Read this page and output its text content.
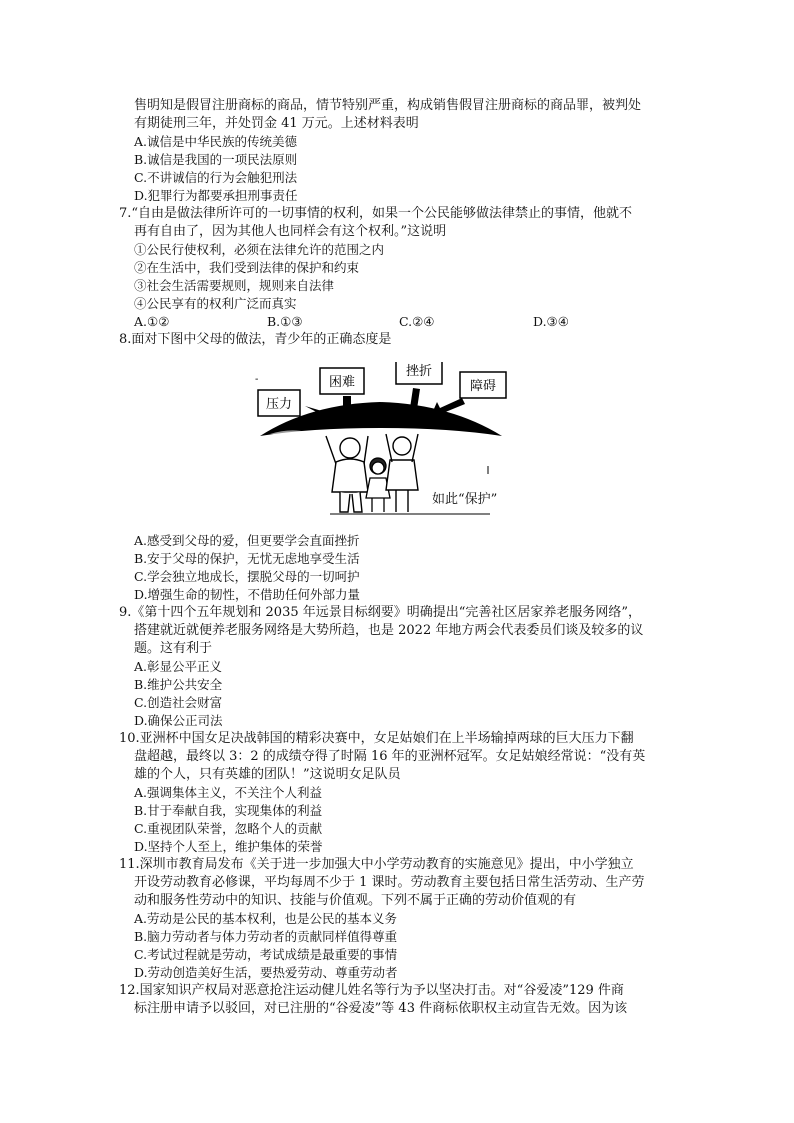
售明知是假冒注册商标的商品，情节特别严重，构成销售假冒注册商标的商品罪，被判处
有期徒刑三年，并处罚金 41 万元。上述材料表明
A.诚信是中华民族的传统美德
B.诚信是我国的一项民法原则
C.不讲诚信的行为会触犯刑法
D.犯罪行为都要承担刑事责任
7.“自由是做法律所许可的一切事情的权利，如果一个公民能够做法律禁止的事情，他就不
再有自由了，因为其他人也同样会有这个权利。”这说明
①公民行使权利，必须在法律允许的范围之内
②在生活中，我们受到法律的保护和约束
③社会生活需要规则，规则来自法律
④公民享有的权利广泛而真实
A.①②	B.①③	C.②④	D.③④
8.面对下图中父母的做法，青少年的正确态度是
压力
困难
挫折
障碍
-
如此“保护”
A.感受到父母的爱，但更要学会直面挫折
B.安于父母的保护，无忧无虑地享受生活
C.学会独立地成长，摆脱父母的一切呵护
D.增强生命的韧性，不借助任何外部力量
9.《第十四个五年规划和 2035 年远景目标纲要》明确提出“完善社区居家养老服务网络”，
搭建就近就便养老服务网络是大势所趋，也是 2022 年地方两会代表委员们谈及较多的议
题。这有利于
A.彰显公平正义
B.维护公共安全
C.创造社会财富
D.确保公正司法
10.亚洲杯中国女足决战韩国的精彩决赛中，女足姑娘们在上半场输掉两球的巨大压力下翻
盘超越，最终以 3：2 的成绩夺得了时隔 16 年的亚洲杯冠军。女足姑娘经常说：“没有英
雄的个人，只有英雄的团队！”这说明女足队员
A.强调集体主义，不关注个人利益
B.甘于奉献自我，实现集体的利益
C.重视团队荣誉，忽略个人的贡献
D.坚持个人至上，维护集体的荣誉
11.深圳市教育局发布《关于进一步加强大中小学劳动教育的实施意见》提出，中小学独立
开设劳动教育必修课，平均每周不少于 1 课时。劳动教育主要包括日常生活劳动、生产劳
动和服务性劳动中的知识、技能与价值观。下列不属于正确的劳动价值观的有
A.劳动是公民的基本权利，也是公民的基本义务
B.脑力劳动者与体力劳动者的贡献同样值得尊重
C.考试过程就是劳动，考试成绩是最重要的事情
D.劳动创造美好生活，要热爱劳动、尊重劳动者
12.国家知识产权局对恶意抢注运动健儿姓名等行为予以坚决打击。对“谷爱凌”129 件商
标注册申请予以驳回，对已注册的“谷爱凌”等 43 件商标依职权主动宣告无效。因为该
